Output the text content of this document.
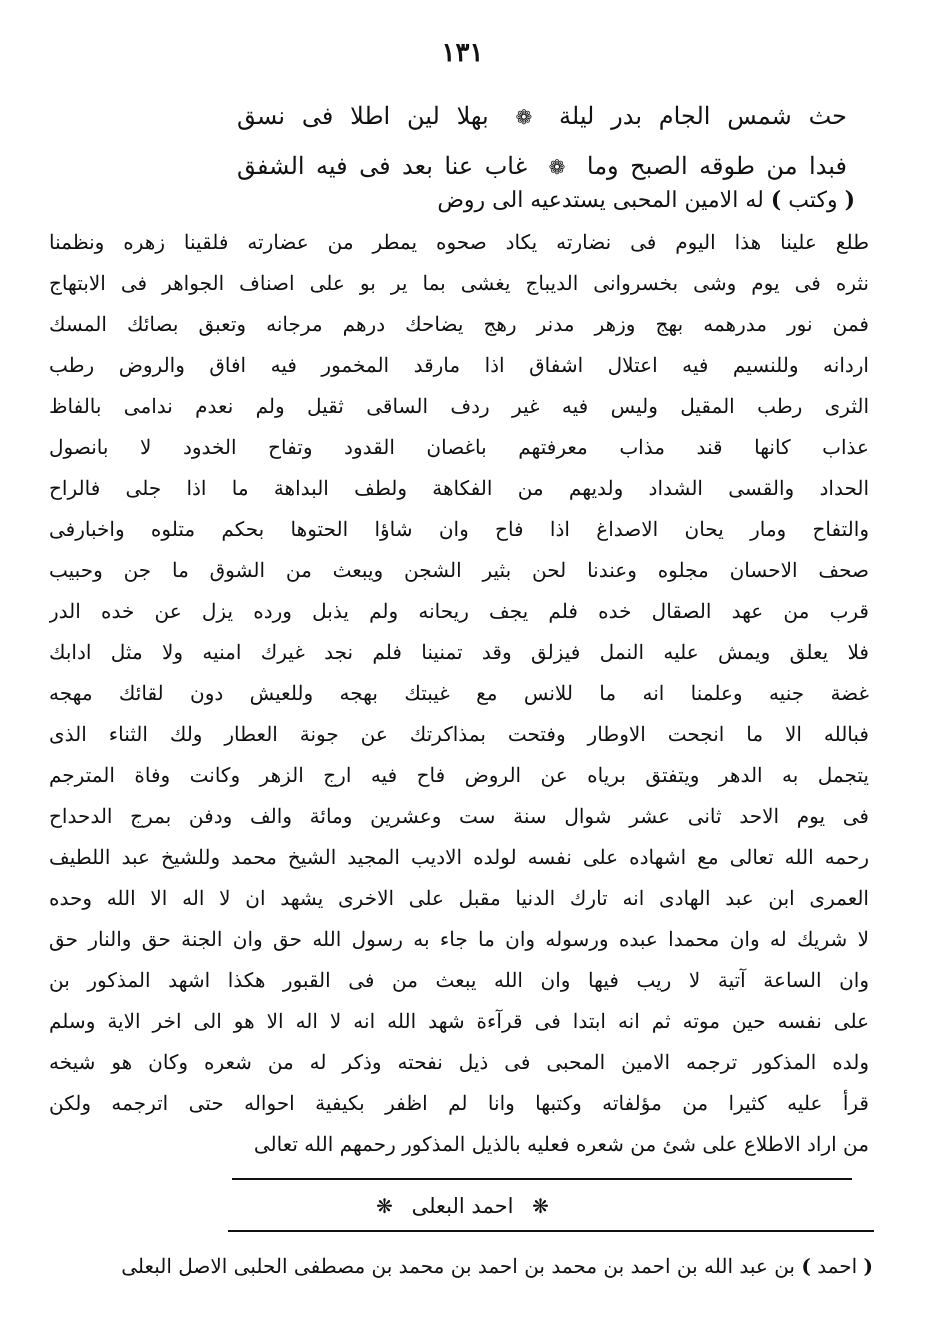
١٣١
حث شمس الجام بدر ليلة ❁ بهلا لين اطلا فى نسق
فبدا من طوقه الصبح وما ❁ غاب عنا بعد فى فيه الشفق
( وكتب ) له الامين المحبى يستدعيه الى روض
طلع علينا هذا اليوم فى نضارته يكاد صحوه يمطر من عضارته فلقينا زهره ونظمنا
نثره فى يوم وشى بخسروانى الديباج يغشى بما ير بو على اصناف الجواهر فى الابتهاج
فمن نور مدرهمه بهج وزهر مدنر رهج يضاحك درهم مرجانه وتعبق بصائك المسك
اردانه وللنسيم فيه اعتلال اشفاق اذا مارقد المخمور فيه افاق والروض رطب
الثرى رطب المقيل وليس فيه غير ردف الساقى ثقيل ولم نعدم ندامى بالفاظ
عذاب كانها قند مذاب معرفتهم باغصان القدود وتفاح الخدود لا بانصول
الحداد والقسى الشداد ولديهم من الفكاهة ولطف البداهة ما اذا جلى فالراح
والتفاح ومار يحان الاصداغ اذا فاح وان شاؤا الحتوها بحكم متلوه واخبارفى
صحف الاحسان مجلوه وعندنا لحن بثير الشجن ويبعث من الشوق ما جن وحبيب
قرب من عهد الصقال خده فلم يجف ريحانه ولم يذبل ورده يزل عن خده الدر
فلا يعلق ويمش عليه النمل فيزلق وقد تمنينا فلم نجد غيرك امنيه ولا مثل ادابك
غضة جنيه وعلمنا انه ما للانس مع غيبتك بهجه وللعيش دون لقائك مهجه
فبالله الا ما انجحت الاوطار وفتحت بمذاكرتك عن جونة العطار ولك الثناء الذى
يتجمل به الدهر ويتفتق برياه عن الروض فاح فيه ارج الزهر وكانت وفاة المترجم
فى يوم الاحد ثانى عشر شوال سنة ست وعشرين ومائة والف ودفن بمرج الدحداح
رحمه الله تعالى مع اشهاده على نفسه لولده الاديب المجيد الشيخ محمد وللشيخ عبد اللطيف
العمرى ابن عبد الهادى انه تارك الدنيا مقبل على الاخرى يشهد ان لا اله الا الله وحده
لا شريك له وان محمدا عبده ورسوله وان ما جاء به رسول الله حق وان الجنة حق والنار حق
وان الساعة آتية لا ريب فيها وان الله يبعث من فى القبور هكذا اشهد المذكور بن
على نفسه حين موته ثم انه ابتدا فى قرآءة شهد الله انه لا اله الا هو الى اخر الاية وسلم
ولده المذكور ترجمه الامين المحبى فى ذيل نفحته وذكر له من شعره وكان هو شيخه
قرأ عليه كثيرا من مؤلفاته وكتبها وانا لم اظفر بكيفية احواله حتى اترجمه ولكن
من اراد الاطلاع على شئ من شعره فعليه بالذيل المذكور رحمهم الله تعالى
❋ احمد البعلى ❋
( احمد ) بن عبد الله بن احمد بن محمد بن احمد بن محمد بن مصطفى الحلبى الاصل البعلى
